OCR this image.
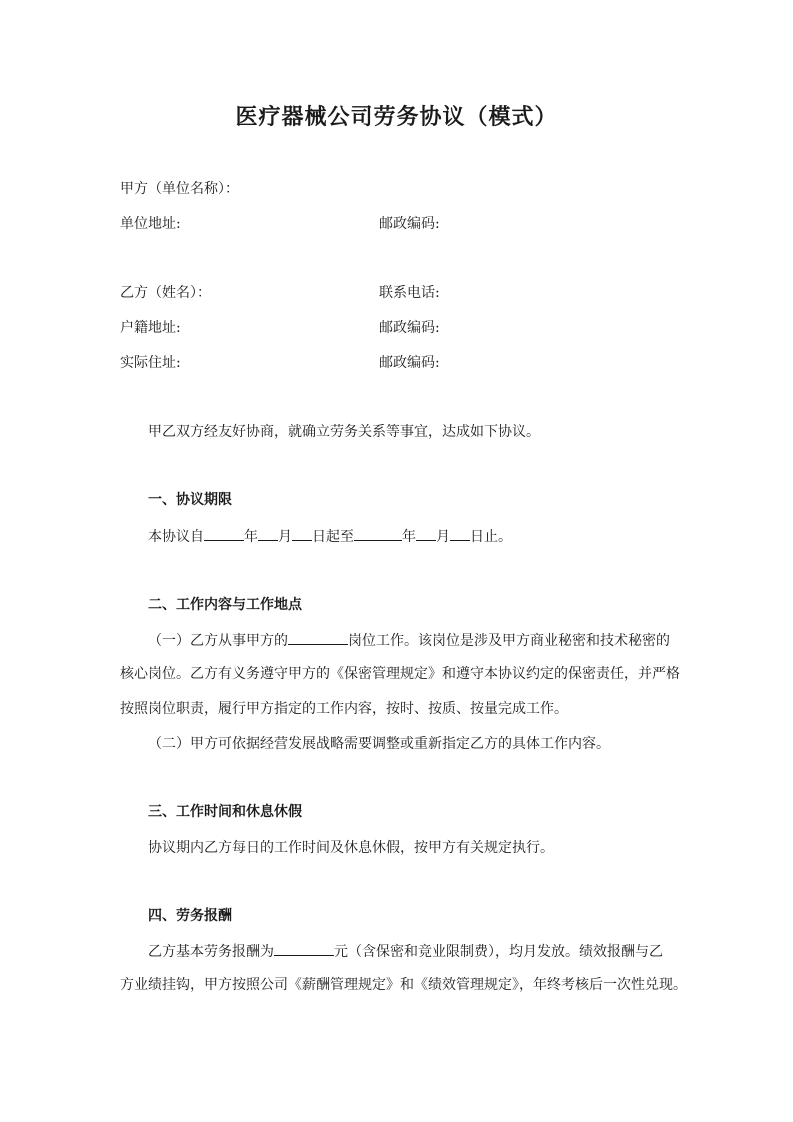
医疗器械公司劳务协议（模式）
甲方（单位名称）：
单位地址:	邮政编码:
乙方（姓名）：	联系电话:
户籍地址:	邮政编码:
实际住址:	邮政编码:
甲乙双方经友好协商，就确立劳务关系等事宜，达成如下协议。
一、协议期限
本协议自	年 月 日起至	年 月 日止。
二、工作内容与工作地点
（一）乙方从事甲方的	岗位工作。该岗位是涉及甲方商业秘密和技术秘密的
核心岗位。乙方有义务遵守甲方的《保密管理规定》和遵守本协议约定的保密责任，并严格
按照岗位职责，履行甲方指定的工作内容，按时、按质、按量完成工作。
（二）甲方可依据经营发展战略需要调整或重新指定乙方的具体工作内容。
三、工作时间和休息休假
协议期内乙方每日的工作时间及休息休假，按甲方有关规定执行。
四、劳务报酬
乙方基本劳务报酬为	元（含保密和竞业限制费），均月发放。绩效报酬与乙
方业绩挂钩，甲方按照公司《薪酬管理规定》和《绩效管理规定》，年终考核后一次性兑现。
